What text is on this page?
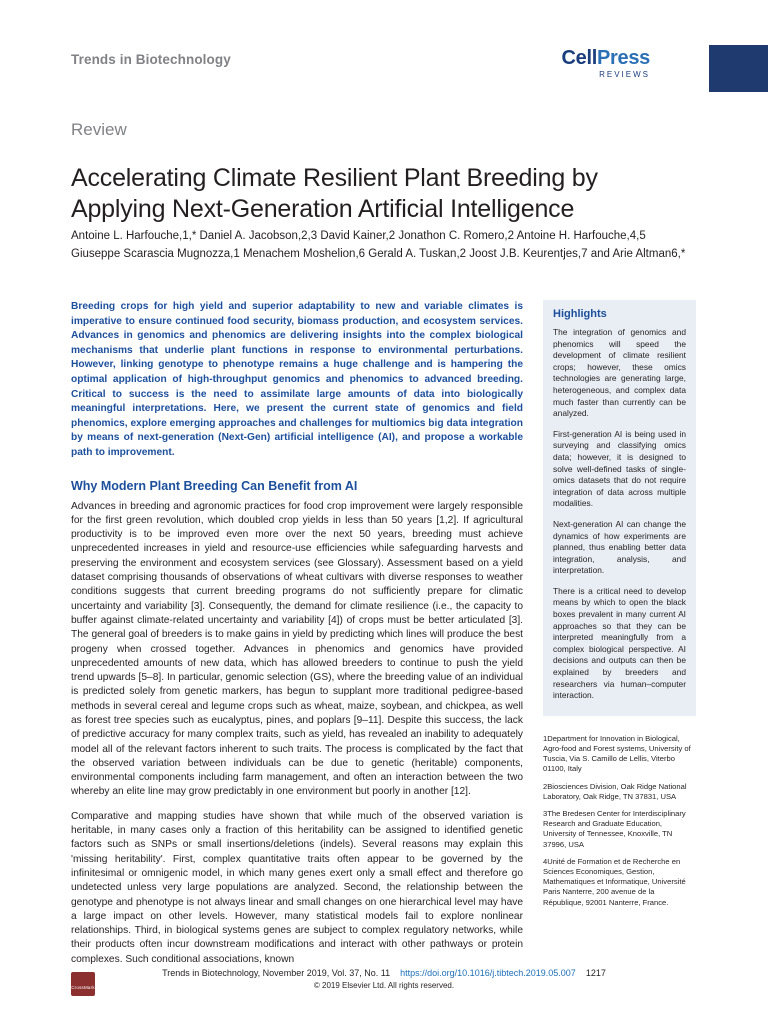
Trends in Biotechnology	CellPress
REVIEWS
Review
Accelerating Climate Resilient Plant Breeding by Applying Next-Generation Artificial Intelligence
Antoine L. Harfouche,1,* Daniel A. Jacobson,2,3 David Kainer,2 Jonathon C. Romero,2 Antoine H. Harfouche,4,5 Giuseppe Scarascia Mugnozza,1 Menachem Moshelion,6 Gerald A. Tuskan,2 Joost J.B. Keurentjes,7 and Arie Altman6,*

Breeding crops for high yield and superior adaptability to new and variable climates is imperative to ensure continued food security, biomass production, and ecosystem services. Advances in genomics and phenomics are delivering insights into the complex biological mechanisms that underlie plant functions in response to environmental perturbations. However, linking genotype to phenotype remains a huge challenge and is hampering the optimal application of high-throughput genomics and phenomics to advanced breeding. Critical to success is the need to assimilate large amounts of data into biologically meaningful interpretations. Here, we present the current state of genomics and field phenomics, explore emerging approaches and challenges for multiomics big data integration by means of next-generation (Next-Gen) artificial intelligence (AI), and propose a workable path to improvement.

Why Modern Plant Breeding Can Benefit from AI

Advances in breeding and agronomic practices for food crop improvement were largely responsible for the first green revolution, which doubled crop yields in less than 50 years [1,2]. If agricultural productivity is to be improved even more over the next 50 years, breeding must achieve unprecedented increases in yield and resource-use efficiencies while safeguarding harvests and preserving the environment and ecosystem services (see Glossary). Assessment based on a yield dataset comprising thousands of observations of wheat cultivars with diverse responses to weather conditions suggests that current breeding programs do not sufficiently prepare for climatic uncertainty and variability [3]. Consequently, the demand for climate resilience (i.e., the capacity to buffer against climate-related uncertainty and variability [4]) of crops must be better articulated [3]. The general goal of breeders is to make gains in yield by predicting which lines will produce the best progeny when crossed together. Advances in phenomics and genomics have provided unprecedented amounts of new data, which has allowed breeders to continue to push the yield trend upwards [5–8]. In particular, genomic selection (GS), where the breeding value of an individual is predicted solely from genetic markers, has begun to supplant more traditional pedigree-based methods in several cereal and legume crops such as wheat, maize, soybean, and chickpea, as well as forest tree species such as eucalyptus, pines, and poplars [9–11]. Despite this success, the lack of predictive accuracy for many complex traits, such as yield, has revealed an inability to adequately model all of the relevant factors inherent to such traits. The process is complicated by the fact that the observed variation between individuals can be due to genetic (heritable) components, environmental components including farm management, and often an interaction between the two whereby an elite line may grow predictably in one environment but poorly in another [12].

Comparative and mapping studies have shown that while much of the observed variation is heritable, in many cases only a fraction of this heritability can be assigned to identified genetic factors such as SNPs or small insertions/deletions (indels). Several reasons may explain this 'missing heritability'. First, complex quantitative traits often appear to be governed by the infinitesimal or omnigenic model, in which many genes exert only a small effect and therefore go undetected unless very large populations are analyzed. Second, the relationship between the genotype and phenotype is not always linear and small changes on one hierarchical level may have a large impact on other levels. However, many statistical models fail to explore nonlinear relationships. Third, in biological systems genes are subject to complex regulatory networks, while their products often incur downstream modifications and interact with other pathways or protein complexes. Such conditional associations, known

Highlights

The integration of genomics and phenomics will speed the development of climate resilient crops; however, these omics technologies are generating large, heterogeneous, and complex data much faster than currently can be analyzed.

First-generation AI is being used in surveying and classifying omics data; however, it is designed to solve well-defined tasks of single-omics datasets that do not require integration of data across multiple modalities.

Next-generation AI can change the dynamics of how experiments are planned, thus enabling better data integration, analysis, and interpretation.

There is a critical need to develop means by which to open the black boxes prevalent in many current AI approaches so that they can be interpreted meaningfully from a complex biological perspective. AI decisions and outputs can then be explained by breeders and researchers via human–computer interaction.

1Department for Innovation in Biological, Agro-food and Forest systems, University of Tuscia, Via S. Camillo de Lellis, Viterbo 01100, Italy

2Biosciences Division, Oak Ridge National Laboratory, Oak Ridge, TN 37831, USA

3The Bredesen Center for Interdisciplinary Research and Graduate Education, University of Tennessee, Knoxville, TN 37996, USA

4Unité de Formation et de Recherche en Sciences Economiques, Gestion, Mathematiques et Informatique, Université Paris Nanterre, 200 avenue de la République, 92001 Nanterre, France.

CrossMark
Trends in Biotechnology, November 2019, Vol. 37, No. 11 https://doi.org/10.1016/j.tibtech.2019.05.007 1217
© 2019 Elsevier Ltd. All rights reserved.
